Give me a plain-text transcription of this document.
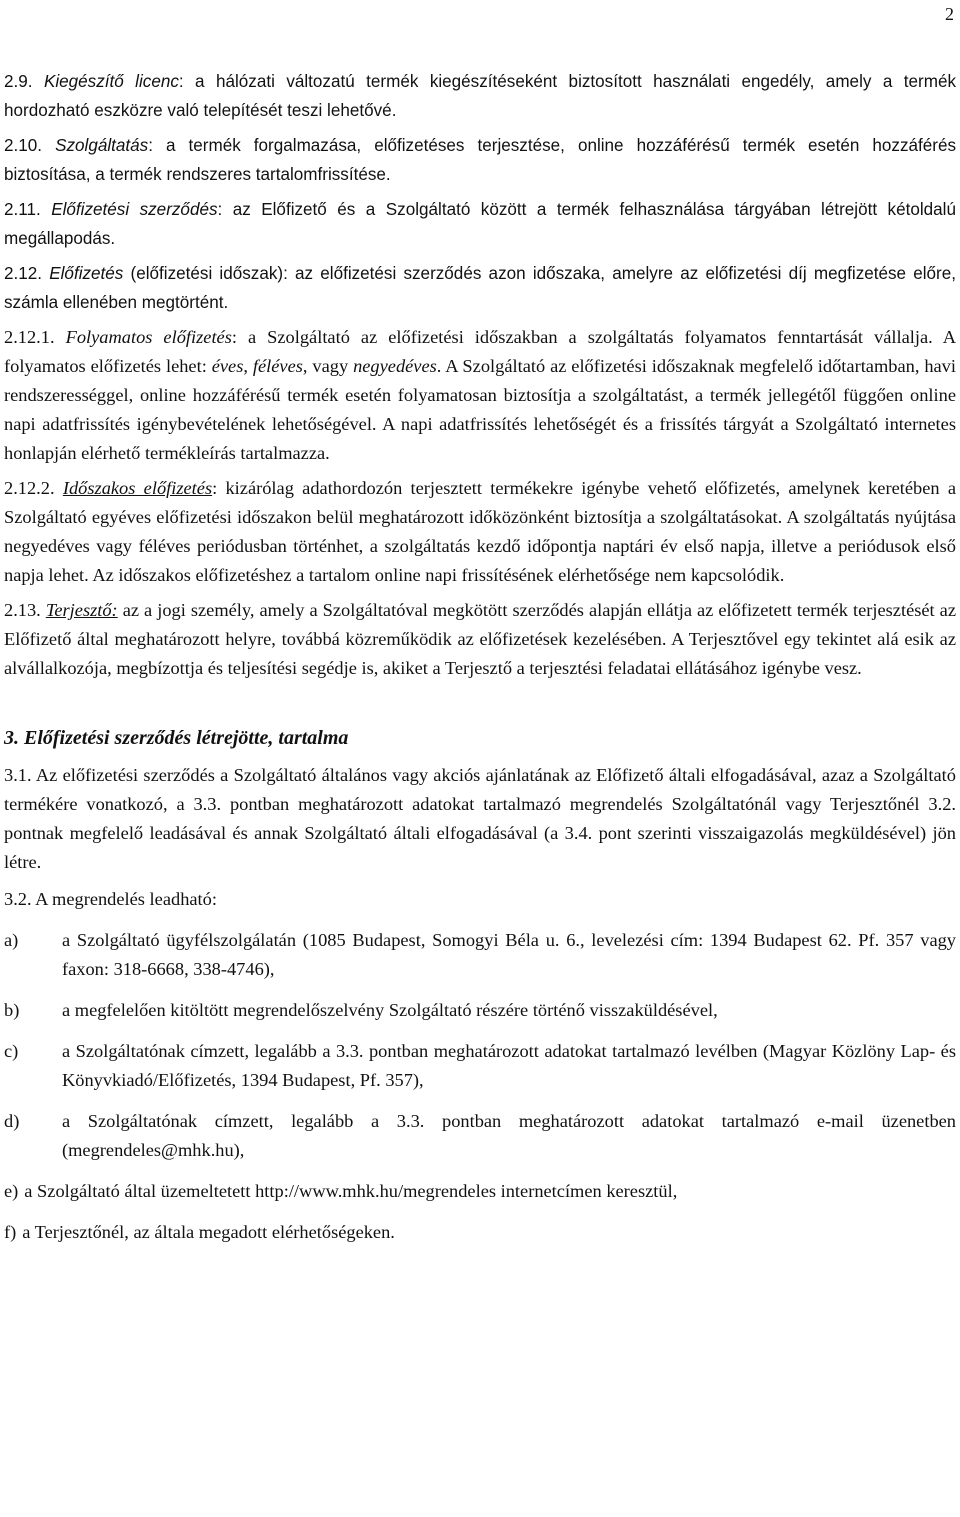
2

2.9. Kiegészítő licenc: a hálózati változatú termék kiegészítéseként biztosított használati engedély, amely a termék hordozható eszközre való telepítését teszi lehetővé.

2.10. Szolgáltatás: a termék forgalmazása, előfizetéses terjesztése, online hozzáférésű termék esetén hozzáférés biztosítása, a termék rendszeres tartalomfrissítése.

2.11. Előfizetési szerződés: az Előfizető és a Szolgáltató között a termék felhasználása tárgyában létrejött kétoldalú megállapodás.

2.12. Előfizetés (előfizetési időszak): az előfizetési szerződés azon időszaka, amelyre az előfizetési díj megfizetése előre, számla ellenében megtörtént.

2.12.1. Folyamatos előfizetés: a Szolgáltató az előfizetési időszakban a szolgáltatás folyamatos fenntartását vállalja. A folyamatos előfizetés lehet: éves, féléves, vagy negyedéves. A Szolgáltató az előfizetési időszaknak megfelelő időtartamban, havi rendszerességgel, online hozzáférésű termék esetén folyamatosan biztosítja a szolgáltatást, a termék jellegétől függően online napi adatfrissítés igénybevételének lehetőségével. A napi adatfrissítés lehetőségét és a frissítés tárgyát a Szolgáltató internetes honlapján elérhető termékleírás tartalmazza.

2.12.2. Időszakos előfizetés: kizárólag adathordozón terjesztett termékekre igénybe vehető előfizetés, amelynek keretében a Szolgáltató egyéves előfizetési időszakon belül meghatározott időközönként biztosítja a szolgáltatásokat. A szolgáltatás nyújtása negyedéves vagy féléves periódusban történhet, a szolgáltatás kezdő időpontja naptári év első napja, illetve a periódusok első napja lehet. Az időszakos előfizetéshez a tartalom online napi frissítésének elérhetősége nem kapcsolódik.

2.13. Terjesztő: az a jogi személy, amely a Szolgáltatóval megkötött szerződés alapján ellátja az előfizetett termék terjesztését az Előfizető által meghatározott helyre, továbbá közreműködik az előfizetések kezelésében. A Terjesztővel egy tekintet alá esik az alvállalkozója, megbízottja és teljesítési segédje is, akiket a Terjesztő a terjesztési feladatai ellátásához igénybe vesz.

3. Előfizetési szerződés létrejötte, tartalma

3.1. Az előfizetési szerződés a Szolgáltató általános vagy akciós ajánlatának az Előfizető általi elfogadásával, azaz a Szolgáltató termékére vonatkozó, a 3.3. pontban meghatározott adatokat tartalmazó megrendelés Szolgáltatónál vagy Terjesztőnél 3.2. pontnak megfelelő leadásával és annak Szolgáltató általi elfogadásával (a 3.4. pont szerinti visszaigazolás megküldésével) jön létre.

3.2. A megrendelés leadható:

a)	a Szolgáltató ügyfélszolgálatán (1085 Budapest, Somogyi Béla u. 6., levelezési cím: 1394 Budapest 62. Pf. 357 vagy faxon: 318-6668, 338-4746),
b)	a megfelelően kitöltött megrendelőszelvény Szolgáltató részére történő visszaküldésével,
c)	a Szolgáltatónak címzett, legalább a 3.3. pontban meghatározott adatokat tartalmazó levélben (Magyar Közlöny Lap- és Könyvkiadó/Előfizetés, 1394 Budapest, Pf. 357),
d)	a Szolgáltatónak címzett, legalább a 3.3. pontban meghatározott adatokat tartalmazó e-mail üzenetben (megrendeles@mhk.hu),
e) a Szolgáltató által üzemeltetett http://www.mhk.hu/megrendeles internetcímen keresztül,
f) a Terjesztőnél, az általa megadott elérhetőségeken.
